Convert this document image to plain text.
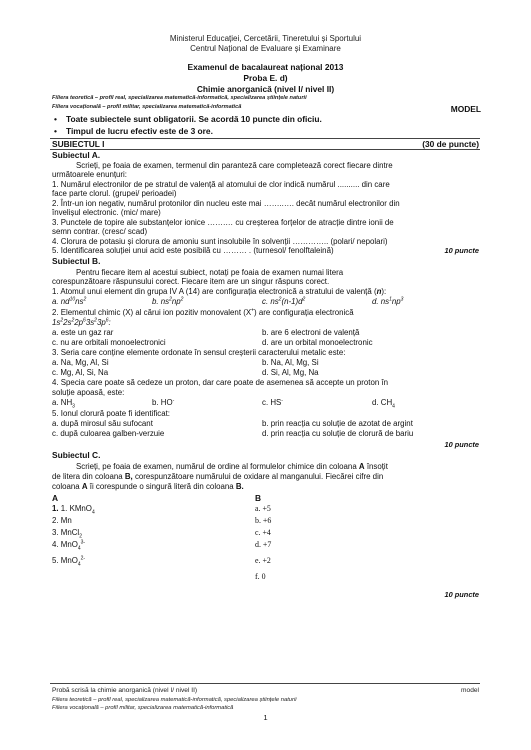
Ministerul Educației, Cercetării, Tineretului și Sportului
Centrul Național de Evaluare și Examinare
Examenul de bacalaureat național 2013
Proba E. d)
Chimie anorganică (nivel I/ nivel II)
Filiera teoretică – profil real, specializarea matematică-informatică, specializarea științele naturii
Filiera vocațională – profil militar, specializarea matematică-informatică	MODEL
• Toate subiectele sunt obligatorii. Se acordă 10 puncte din oficiu.
• Timpul de lucru efectiv este de 3 ore.
SUBIECTUL I	(30 de puncte)
Subiectul A.
Scrieți, pe foaia de examen, termenul din paranteză care completează corect fiecare dintre
următoarele enunțuri:
1. Numărul electronilor de pe stratul de valență al atomului de clor indică numărul .......... din care
face parte clorul. (grupei/ perioadei)
2. Într-un ion negativ, numărul protonilor din nucleu este mai ……..…. decât numărul electronilor din
învelișul electronic. (mic/ mare)
3. Punctele de topire ale substanțelor ionice …….… cu creșterea forțelor de atracție dintre ionii de
semn contrar. (cresc/ scad)
4. Clorura de potasiu și clorura de amoniu sunt insolubile în solvenții ………….. (polari/ nepolari)
5. Identificarea soluției unui acid este posibilă cu ……… . (turnesol/ fenolftaleină)	10 puncte
Subiectul B.
Pentru fiecare item al acestui subiect, notați pe foaia de examen numai litera
corespunzătoare răspunsului corect. Fiecare item are un singur răspuns corect.
1. Atomul unui element din grupa IV A (14) are configurația electronică a stratului de valență (n):
a. $nd^{10}ns^2$	b. $ns^2np^2$	c. $ns^2(n-1)d^2$	d. $ns^1np^3$
2. Elementul chimic (X) al cărui ion pozitiv monovalent (X+) are configurația electronică
$1s^22s^22p^63s^23p^6$:
a. este un gaz rar	b. are 6 electroni de valență
c. nu are orbitali monoelectronici	d. are un orbital monoelectronic
3. Seria care conține elemente ordonate în sensul creșterii caracterului metalic este:
a. Na, Mg, Al, Si	b. Na, Al, Mg, Si
c. Mg, Al, Si, Na	d. Si, Al, Mg, Na
4. Specia care poate să cedeze un proton, dar care poate de asemenea să accepte un proton în
soluție apoasă, este:
a. $NH_3$	b. HO-	c. HS-	d. $CH_4$
5. Ionul clorură poate fi identificat:
a. după mirosul său sufocant	b. prin reacția cu soluție de azotat de argint
c. după culoarea galben-verzuie	d. prin reacția cu soluție de clorură de bariu
10 puncte
Subiectul C.
Scrieți, pe foaia de examen, numărul de ordine al formulelor chimice din coloana A însoțit
de litera din coloana B, corespunzătoare numărului de oxidare al manganului. Fiecărei cifre din
coloana A îi corespunde o singură literă din coloana B.
A	B
1. 1. KMnO$_4$	a. +5
2. Mn	b. +6
3. MnCl$_2$	c. +4
4. MnO$_4^{3-}$	d. +7
5. MnO$_4^{2-}$	e. +2
f. 0
10 puncte
Probă scrisă la chimie anorganică (nivel I/ nivel II)	model
Filiera teoretică – profil real, specializarea matematică-informatică, specializarea științele naturii
Filiera vocațională – profil militar, specializarea matematică-informatică
1
